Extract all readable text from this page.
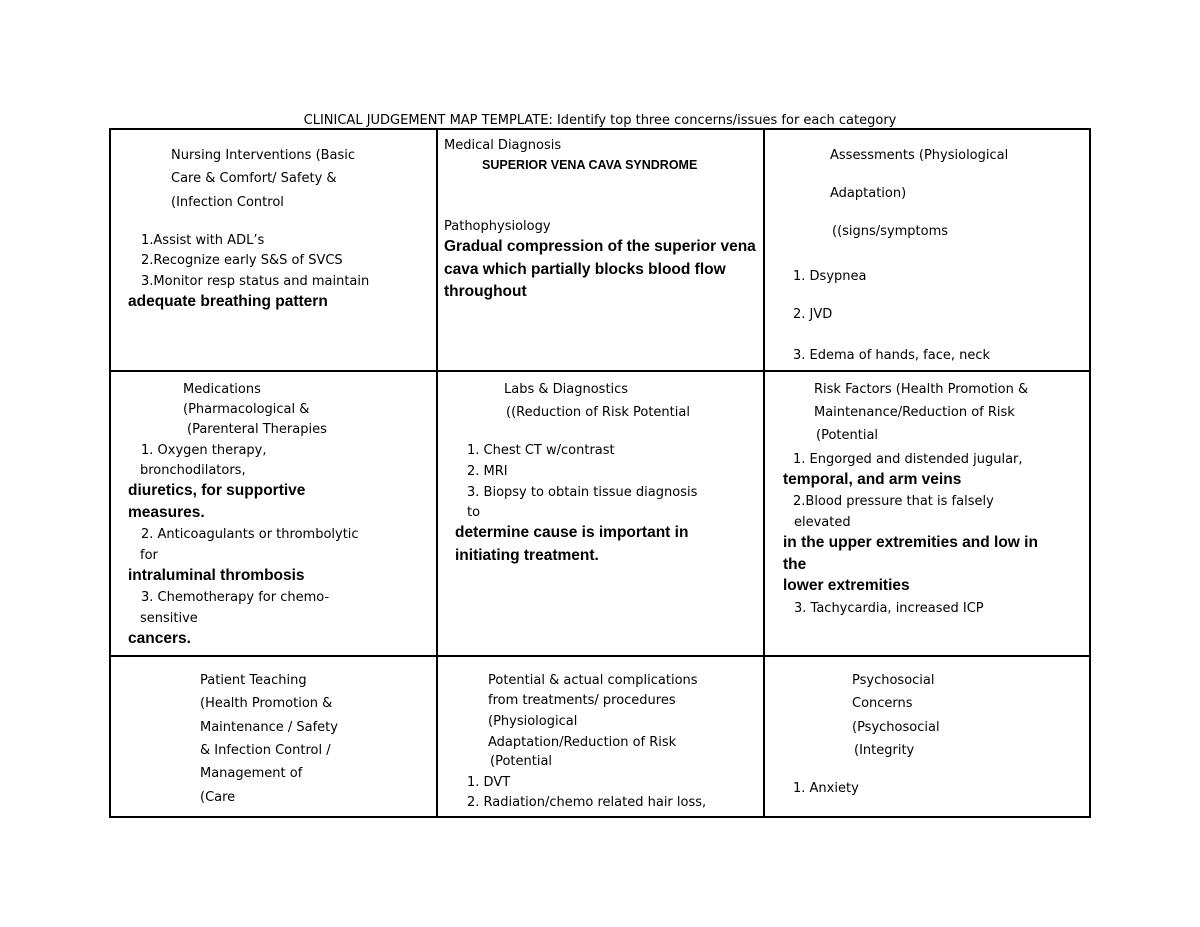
CLINICAL JUDGEMENT MAP TEMPLATE: Identify top three concerns/issues for each category
Nursing Interventions (Basic
Care & Comfort/ Safety &
(Infection Control
1.Assist with ADL’s
2.Recognize early S&S of SVCS
3.Monitor resp status and maintain
adequate breathing pattern
Medical Diagnosis
SUPERIOR VENA CAVA SYNDROME
Pathophysiology
Gradual compression of the superior vena
cava which partially blocks blood flow
throughout
Assessments (Physiological
Adaptation)
((signs/symptoms
1. Dsypnea
2. JVD
3. Edema of hands, face, neck
Medications
(Pharmacological &
(Parenteral Therapies
1. Oxygen therapy,
bronchodilators,
diuretics, for supportive
measures.
2. Anticoagulants or thrombolytic
for
intraluminal thrombosis
3. Chemotherapy for chemo-
sensitive
cancers.
Labs & Diagnostics
((Reduction of Risk Potential
1. Chest CT w/contrast
2. MRI
3. Biopsy to obtain tissue diagnosis
to
determine cause is important in
initiating treatment.
Risk Factors (Health Promotion &
Maintenance/Reduction of Risk
(Potential
1. Engorged and distended jugular,
temporal, and arm veins
2.Blood pressure that is falsely
elevated
in the upper extremities and low in
the
lower extremities
3. Tachycardia, increased ICP
Patient Teaching
(Health Promotion &
Maintenance / Safety
& Infection Control /
Management of
(Care
Potential & actual complications
from treatments/ procedures
(Physiological
Adaptation/Reduction of Risk
(Potential
1. DVT
2. Radiation/chemo related hair loss,
Psychosocial
Concerns
(Psychosocial
(Integrity
1. Anxiety
